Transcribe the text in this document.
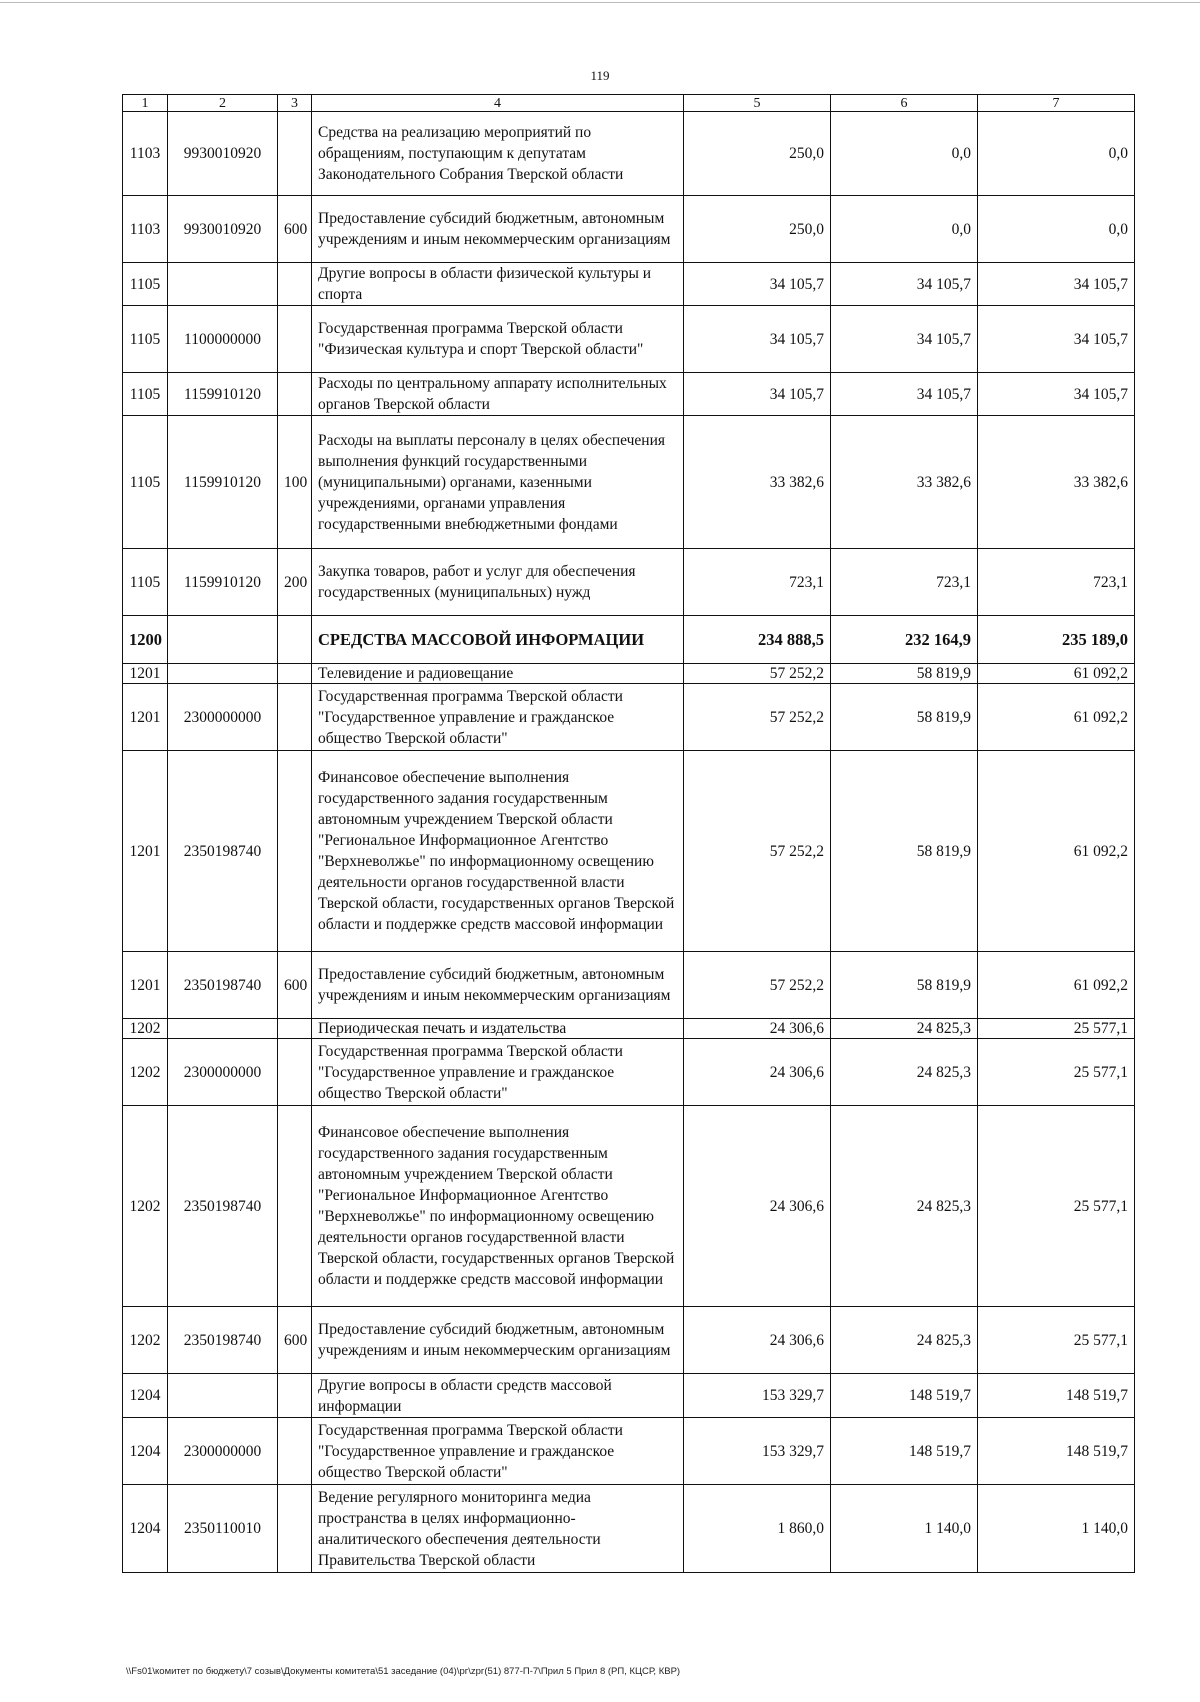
119
1	2	3	4	5	6	7
1103	9930010920		Средства на реализацию мероприятий по обращениям, поступающим к депутатам Законодательного Собрания Тверской области	250,0	0,0	0,0
1103	9930010920	600	Предоставление субсидий бюджетным, автономным учреждениям и иным некоммерческим организациям	250,0	0,0	0,0
1105			Другие вопросы в области физической культуры и спорта	34 105,7	34 105,7	34 105,7
1105	1100000000		Государственная программа Тверской области "Физическая культура и спорт Тверской области"	34 105,7	34 105,7	34 105,7
1105	1159910120		Расходы по центральному аппарату исполнительных органов Тверской области	34 105,7	34 105,7	34 105,7
1105	1159910120	100	Расходы на выплаты персоналу в целях обеспечения выполнения функций государственными (муниципальными) органами, казенными учреждениями, органами управления государственными внебюджетными фондами	33 382,6	33 382,6	33 382,6
1105	1159910120	200	Закупка товаров, работ и услуг для обеспечения государственных (муниципальных) нужд	723,1	723,1	723,1
1200			СРЕДСТВА МАССОВОЙ ИНФОРМАЦИИ	234 888,5	232 164,9	235 189,0
1201			Телевидение и радиовещание	57 252,2	58 819,9	61 092,2
1201	2300000000		Государственная программа Тверской области "Государственное управление и гражданское общество Тверской области"	57 252,2	58 819,9	61 092,2
1201	2350198740		Финансовое обеспечение выполнения государственного задания государственным автономным учреждением Тверской области "Региональное Информационное Агентство "Верхневолжье" по информационному освещению деятельности органов государственной власти Тверской области, государственных органов Тверской области и поддержке средств массовой информации	57 252,2	58 819,9	61 092,2
1201	2350198740	600	Предоставление субсидий бюджетным, автономным учреждениям и иным некоммерческим организациям	57 252,2	58 819,9	61 092,2
1202			Периодическая печать и издательства	24 306,6	24 825,3	25 577,1
1202	2300000000		Государственная программа Тверской области "Государственное управление и гражданское общество Тверской области"	24 306,6	24 825,3	25 577,1
1202	2350198740		Финансовое обеспечение выполнения государственного задания государственным автономным учреждением Тверской области "Региональное Информационное Агентство "Верхневолжье" по информационному освещению деятельности органов государственной власти Тверской области, государственных органов Тверской области и поддержке средств массовой информации	24 306,6	24 825,3	25 577,1
1202	2350198740	600	Предоставление субсидий бюджетным, автономным учреждениям и иным некоммерческим организациям	24 306,6	24 825,3	25 577,1
1204			Другие вопросы в области средств массовой информации	153 329,7	148 519,7	148 519,7
1204	2300000000		Государственная программа Тверской области "Государственное управление и гражданское общество Тверской области"	153 329,7	148 519,7	148 519,7
1204	2350110010		Ведение регулярного мониторинга медиа пространства в целях информационно-аналитического обеспечения деятельности Правительства Тверской области	1 860,0	1 140,0	1 140,0
\\Fs01\комитет по бюджету\7 созыв\Документы комитета\51 заседание (04)\рг\zрг(51) 877-П-7\Прил 5 Прил 8 (РП, КЦСР, КВР)
